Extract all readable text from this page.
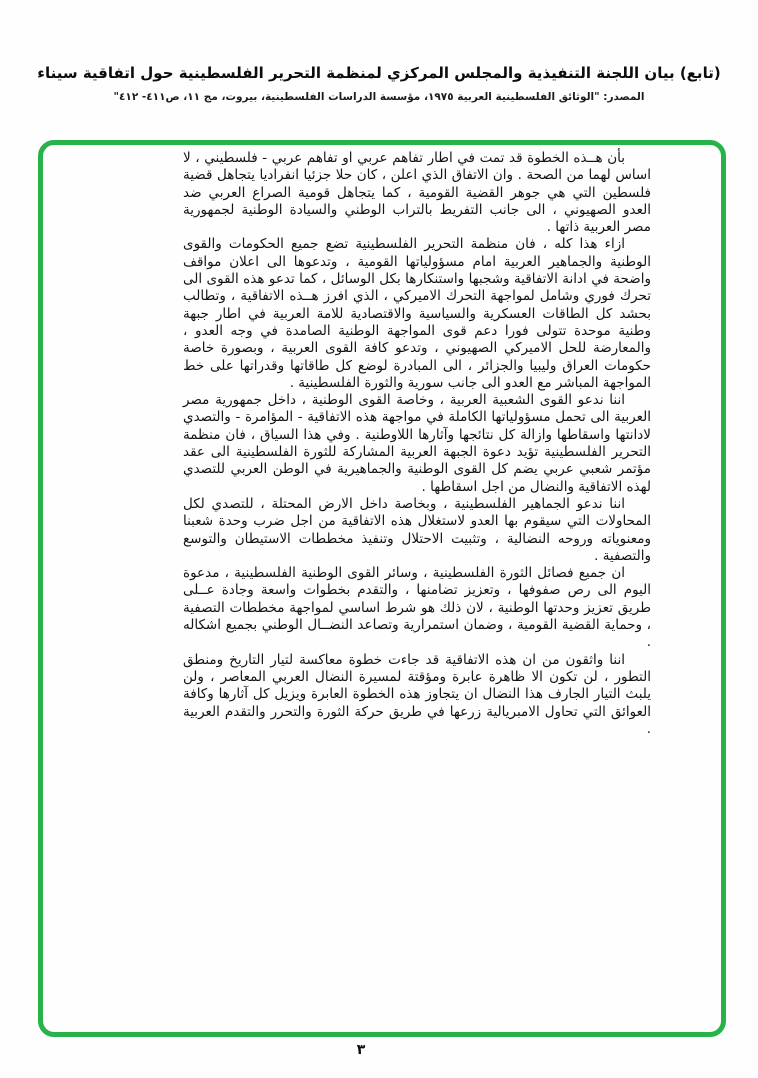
(تابع) بيان اللجنة التنفيذية والمجلس المركزي لمنظمة التحرير الفلسطينية حول اتفاقية سيناء
المصدر: "الوثائق الفلسطينية العربية ١٩٧٥، مؤسسة الدراسات الفلسطينية، بيروت، مج ١١، ص٤١١- ٤١٢"

بأن هــذه الخطوة قد تمت في اطار تفاهم عربي او تفاهم عربي - فلسطيني ، لا اساس لهما من الصحة . وان الاتفاق الذي اعلن ، كان حلا جزئيا انفراديا يتجاهل قضية فلسطين التي هي جوهر القضية القومية ، كما يتجاهل قومية الصراع العربي ضد العدو الصهيوني ، الى جانب التفريط بالتراب الوطني والسيادة الوطنية لجمهورية مصر العربية ذاتها .

ازاء هذا كله ، فان منظمة التحرير الفلسطينية تضع جميع الحكومات والقوى الوطنية والجماهير العربية امام مسؤولياتها القومية ، وتدعوها الى اعلان مواقف واضحة في ادانة الاتفاقية وشجبها واستنكارها بكل الوسائل ، كما تدعو هذه القوى الى تحرك فوري وشامل لمواجهة التحرك الاميركي ، الذي افرز هــذه الاتفاقية ، وتطالب بحشد كل الطاقات العسكرية والسياسية والاقتصادية للامة العربية في اطار جبهة وطنية موحدة تتولى فورا دعم قوى المواجهة الوطنية الصامدة في وجه العدو ، والمعارضة للحل الاميركي الصهيوني ، وتدعو كافة القوى العربية ، وبصورة خاصة حكومات العراق وليبيا والجزائر ، الى المبادرة لوضع كل طاقاتها وقدراتها على خط المواجهة المباشر مع العدو الى جانب سورية والثورة الفلسطينية .

اننا ندعو القوى الشعبية العربية ، وخاصة القوى الوطنية ، داخل جمهورية مصر العربية الى تحمل مسؤولياتها الكاملة في مواجهة هذه الاتفاقية - المؤامرة - والتصدي لادانتها واسقاطها وازالة كل نتائجها وآثارها اللاوطنية . وفي هذا السياق ، فان منظمة التحرير الفلسطينية تؤيد دعوة الجبهة العربية المشاركة للثورة الفلسطينية الى عقد مؤتمر شعبي عربي يضم كل القوى الوطنية والجماهيرية في الوطن العربي للتصدي لهذه الاتفاقية والنضال من اجل اسقاطها .

اننا ندعو الجماهير الفلسطينية ، وبخاصة داخل الارض المحتلة ، للتصدي لكل المحاولات التي سيقوم بها العدو لاستغلال هذه الاتفاقية من اجل ضرب وحدة شعبنا ومعنوياته وروحه النضالية ، وتثبيت الاحتلال وتنفيذ مخططات الاستيطان والتوسع والتصفية .

ان جميع فصائل الثورة الفلسطينية ، وسائر القوى الوطنية الفلسطينية ، مدعوة اليوم الى رص صفوفها ، وتعزيز تضامنها ، والتقدم بخطوات واسعة وجادة عــلى طريق تعزيز وحدتها الوطنية ، لان ذلك هو شرط اساسي لمواجهة مخططات التصفية ، وحماية القضية القومية ، وضمان استمرارية وتصاعد النضــال الوطني بجميع اشكاله .

اننا واثقون من ان هذه الاتفاقية قد جاءت خطوة معاكسة لتيار التاريخ ومنطق التطور ، لن تكون الا ظاهرة عابرة ومؤقتة لمسيرة النضال العربي المعاصر ، ولن يلبث التيار الجارف هذا النضال ان يتجاوز هذه الخطوة العابرة ويزيل كل آثارها وكافة العوائق التي تحاول الامبريالية زرعها في طريق حركة الثورة والتحرر والتقدم العربية .

٣
